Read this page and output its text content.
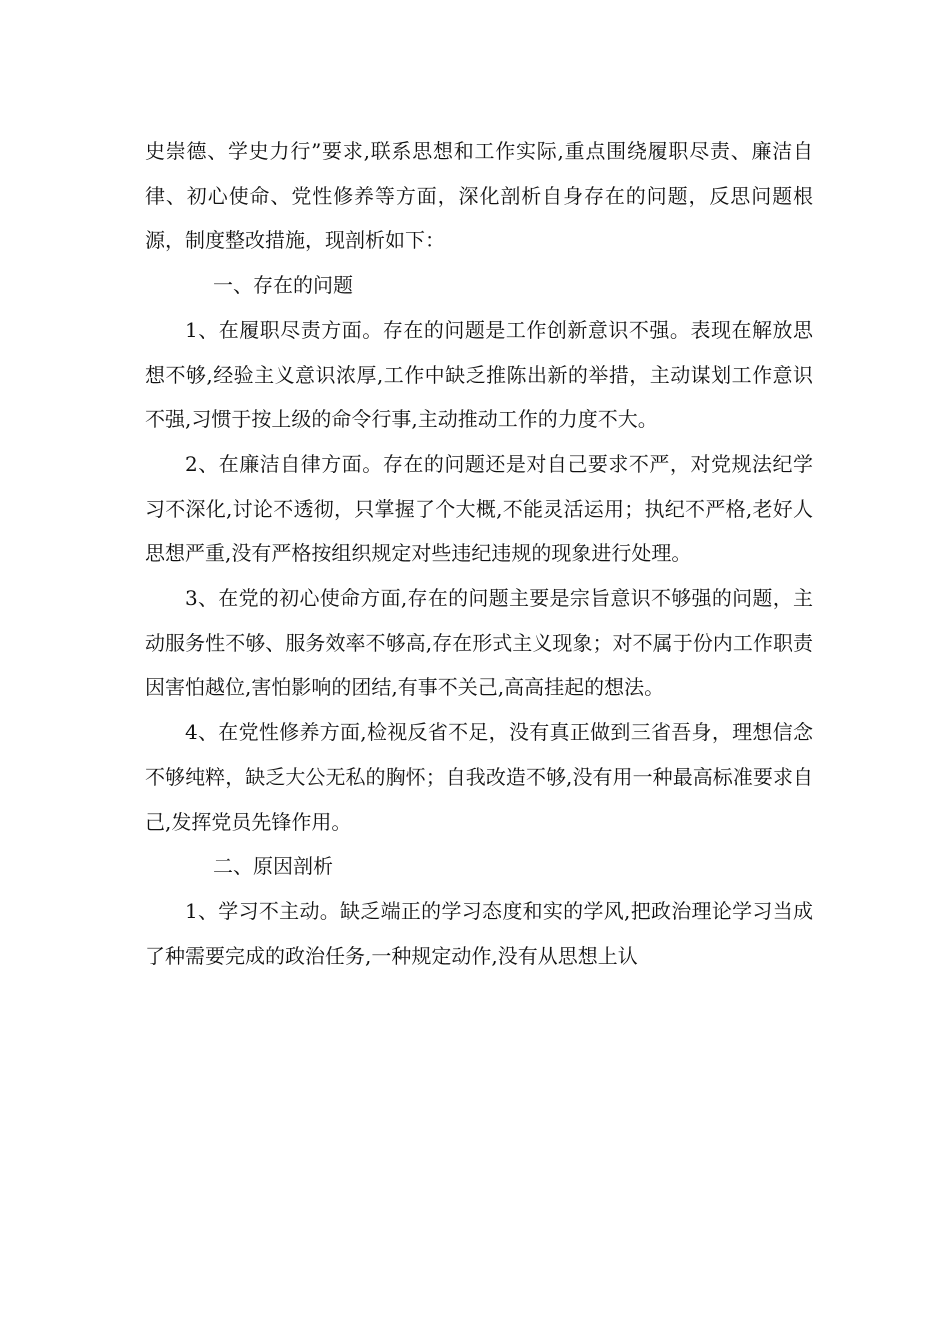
史崇德、学史力行”要求,联系思想和工作实际,重点围绕履职尽责、廉洁自律、初心使命、党性修养等方面，深化剖析自身存在的问题，反思问题根源，制度整改措施，现剖析如下：

一、存在的问题

1、在履职尽责方面。存在的问题是工作创新意识不强。表现在解放思想不够,经验主义意识浓厚,工作中缺乏推陈出新的举措，主动谋划工作意识不强,习惯于按上级的命令行事,主动推动工作的力度不大。

2、在廉洁自律方面。存在的问题还是对自己要求不严，对党规法纪学习不深化,讨论不透彻，只掌握了个大概,不能灵活运用；执纪不严格,老好人思想严重,没有严格按组织规定对些违纪违规的现象进行处理。

3、在党的初心使命方面,存在的问题主要是宗旨意识不够强的问题，主动服务性不够、服务效率不够高,存在形式主义现象；对不属于份内工作职责因害怕越位,害怕影响的团结,有事不关己,高高挂起的想法。

4、在党性修养方面,检视反省不足，没有真正做到三省吾身，理想信念不够纯粹，缺乏大公无私的胸怀；自我改造不够,没有用一种最高标准要求自己,发挥党员先锋作用。

二、原因剖析

1、学习不主动。缺乏端正的学习态度和实的学风,把政治理论学习当成了种需要完成的政治任务,一种规定动作,没有从思想上认
